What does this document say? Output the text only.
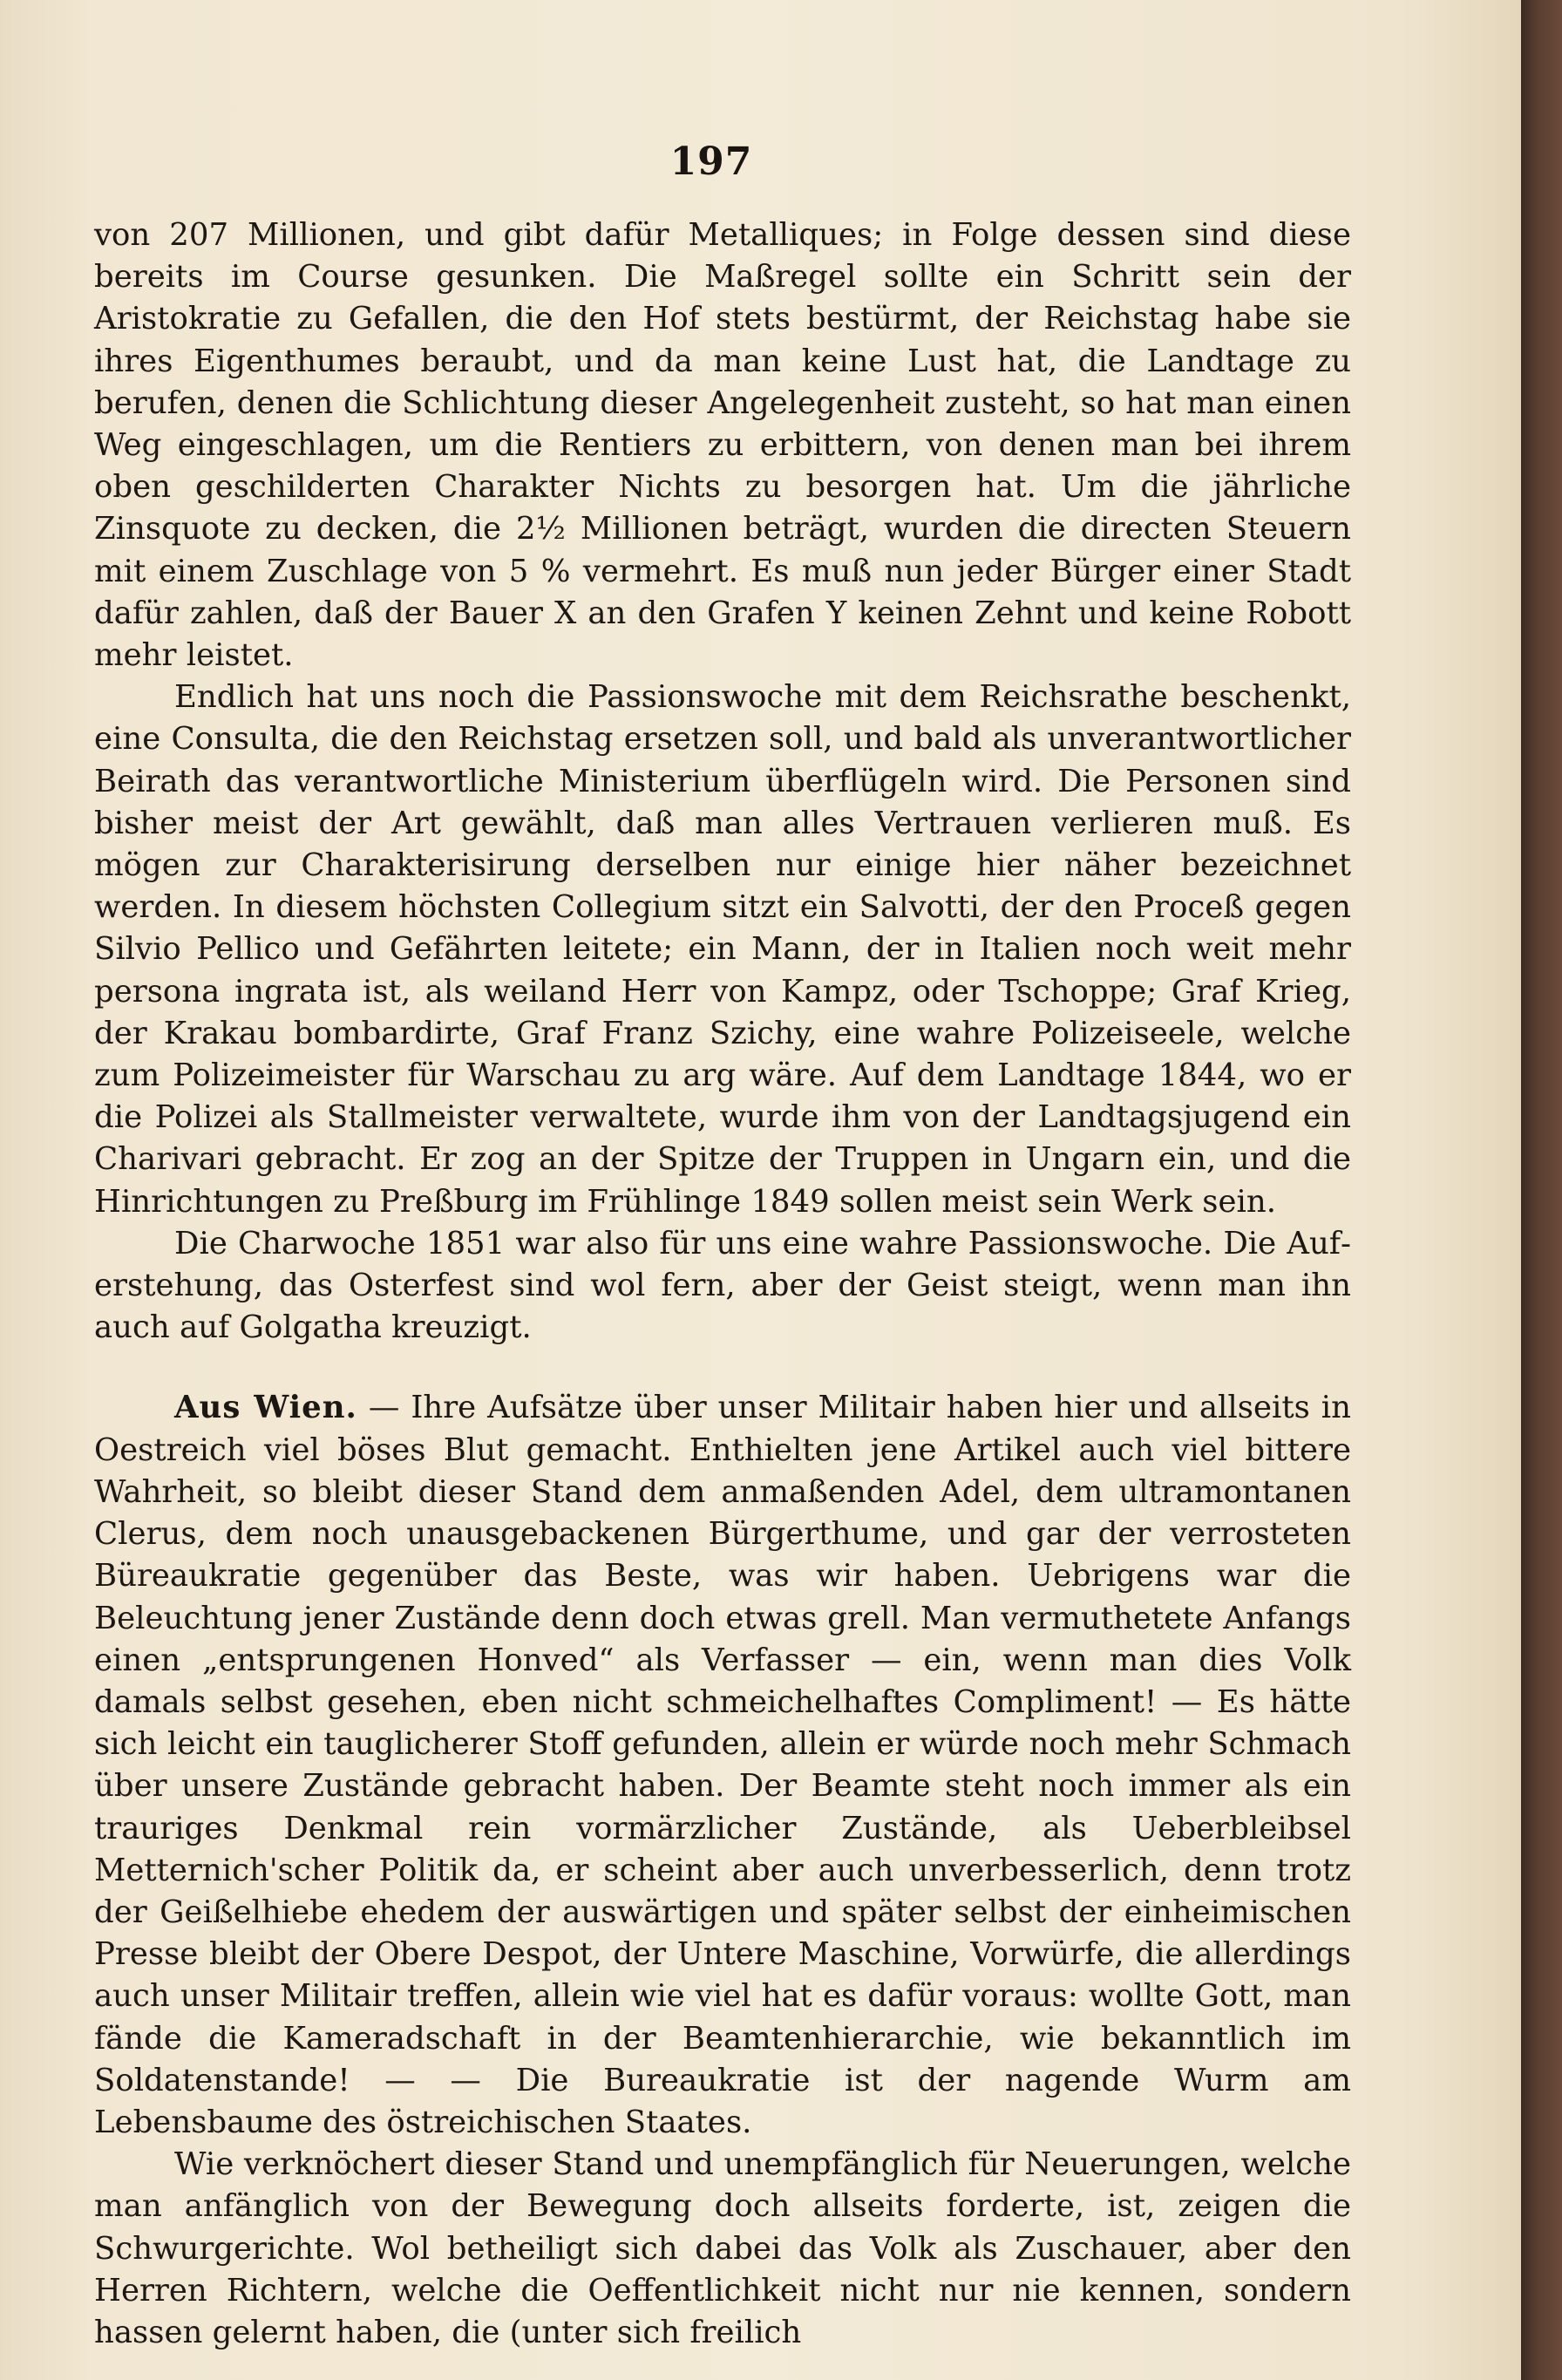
197

von 207 Millionen, und gibt dafür Metalliques; in Folge dessen sind diese bereits im Course gesunken. Die Maßregel sollte ein Schritt sein der Aristokratie zu Gefallen, die den Hof stets bestürmt, der Reichstag habe sie ihres Eigenthumes beraubt, und da man keine Lust hat, die Landtage zu berufen, denen die Schlichtung dieser Angelegenheit zusteht, so hat man einen Weg eingeschlagen, um die Rentiers zu erbittern, von denen man bei ihrem oben geschilderten Charakter Nichts zu besorgen hat. Um die jährliche Zinsquote zu decken, die 2½ Millionen beträgt, wurden die directen Steuern mit einem Zuschlage von 5 % vermehrt. Es muß nun jeder Bürger einer Stadt dafür zahlen, daß der Bauer X an den Grafen Y keinen Zehnt und keine Robott mehr leistet.

Endlich hat uns noch die Passionswoche mit dem Reichsrathe beschenkt, eine Consulta, die den Reichstag ersetzen soll, und bald als unverantwortlicher Beirath das verantwortliche Ministerium überflügeln wird. Die Personen sind bisher meist der Art gewählt, daß man alles Vertrauen verlieren muß. Es mögen zur Charakterisirung derselben nur einige hier näher bezeichnet werden. In diesem höchsten Collegium sitzt ein Salvotti, der den Proceß gegen Silvio Pellico und Gefährten leitete; ein Mann, der in Italien noch weit mehr persona ingrata ist, als weiland Herr von Kampz, oder Tschoppe; Graf Krieg, der Krakau bombardirte, Graf Franz Szichy, eine wahre Polizeiseele, welche zum Polizeimeister für Warschau zu arg wäre. Auf dem Landtage 1844, wo er die Polizei als Stallmeister verwaltete, wurde ihm von der Landtagsjugend ein Charivari gebracht. Er zog an der Spitze der Truppen in Ungarn ein, und die Hinrichtungen zu Preßburg im Frühlinge 1849 sollen meist sein Werk sein.

Die Charwoche 1851 war also für uns eine wahre Passionswoche. Die Auferstehung, das Osterfest sind wol fern, aber der Geist steigt, wenn man ihn auch auf Golgatha kreuzigt.

Aus Wien. — Ihre Aufsätze über unser Militair haben hier und allseits in Oestreich viel böses Blut gemacht. Enthielten jene Artikel auch viel bittere Wahrheit, so bleibt dieser Stand dem anmaßenden Adel, dem ultramontanen Clerus, dem noch unausgebackenen Bürgerthume, und gar der verrosteten Büreaukratie gegenüber das Beste, was wir haben. Uebrigens war die Beleuchtung jener Zustände denn doch etwas grell. Man vermuthetete Anfangs einen „entsprungenen Honved“ als Verfasser — ein, wenn man dies Volk damals selbst gesehen, eben nicht schmeichelhaftes Compliment! — Es hätte sich leicht ein tauglicherer Stoff gefunden, allein er würde noch mehr Schmach über unsere Zustände gebracht haben. Der Beamte steht noch immer als ein trauriges Denkmal rein vormärzlicher Zustände, als Ueberbleibsel Metternich'scher Politik da, er scheint aber auch unverbesserlich, denn trotz der Geißelhiebe ehedem der auswärtigen und später selbst der einheimischen Presse bleibt der Obere Despot, der Untere Maschine, Vorwürfe, die allerdings auch unser Militair treffen, allein wie viel hat es dafür voraus: wollte Gott, man fände die Kameradschaft in der Beamtenhierarchie, wie bekanntlich im Soldatenstande! — — Die Bureaukratie ist der nagende Wurm am Lebensbaume des östreichischen Staates.

Wie verknöchert dieser Stand und unempfänglich für Neuerungen, welche man anfänglich von der Bewegung doch allseits forderte, ist, zeigen die Schwurgerichte. Wol betheiligt sich dabei das Volk als Zuschauer, aber den Herren Richtern, welche die Oeffentlichkeit nicht nur nie kennen, sondern hassen gelernt haben, die (unter sich freilich
